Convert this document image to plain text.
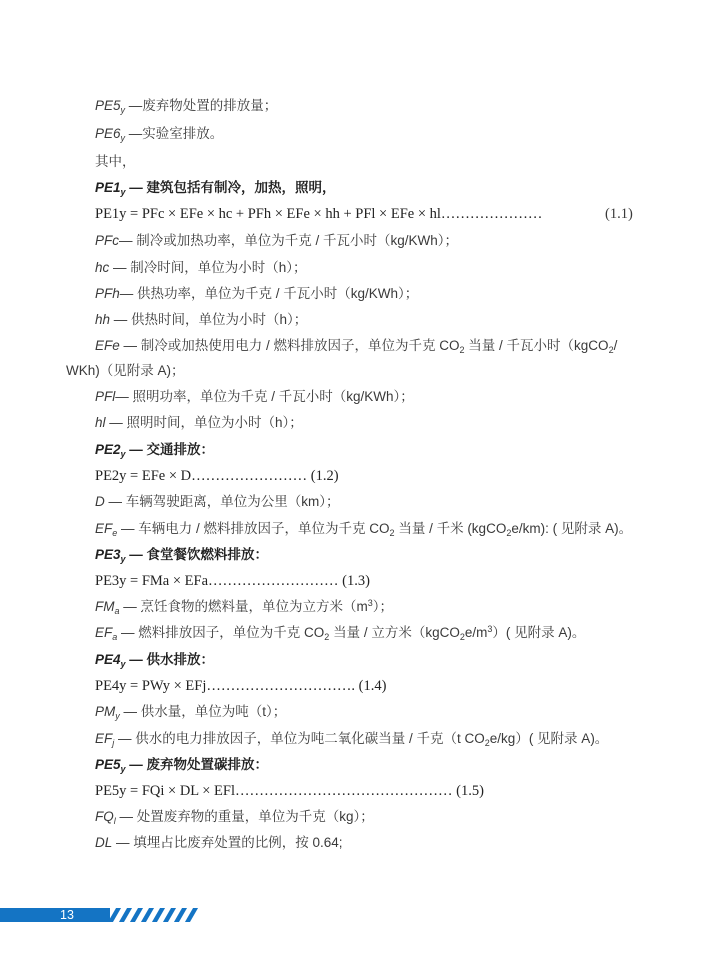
$PE5_y$ —废弃物处置的排放量；
$PE6_y$ —实验室排放。
其中，
$PE1_y$ — 建筑包括有制冷，加热，照明，
PE1y = PFc × EFe × hc + PFh × EFe × hh + PFl × EFe × hl…………………	(1.1)
PFc— 制冷或加热功率，单位为千克 / 千瓦小时（kg/KWh）；
hc — 制冷时间，单位为小时（h）；
PFh— 供热功率，单位为千克 / 千瓦小时（kg/KWh）；
hh — 供热时间，单位为小时（h）；
EFe — 制冷或加热使用电力 / 燃料排放因子，单位为千克 $CO_2$ 当量 / 千瓦小时（kgCO$_2$/
WKh)（见附录 A)；
PFl— 照明功率，单位为千克 / 千瓦小时（kg/KWh）；
hl — 照明时间，单位为小时（h）；
$PE2_y$ — 交通排放：
PE2y = EFe × D…………………… (1.2)
D — 车辆驾驶距离，单位为公里（km）；
$EF_e$ — 车辆电力 / 燃料排放因子，单位为千克 $CO_2$ 当量 / 千米 (kgCO$_2$e/km): ( 见附录 A)。
$PE3_y$ — 食堂餐饮燃料排放：
PE3y = FMa × EFa……………………… (1.3)
$FM_a$ — 烹饪食物的燃料量，单位为立方米$(m^3)$；
$EF_a$ — 燃料排放因子，单位为千克 $CO_2$ 当量 / 立方米$(kgCO_2e/m^3)$( 见附录 A)。
$PE4_y$ — 供水排放：
PE4y = PWy × EFj…………………………. (1.4)
$PM_y$ — 供水量，单位为吨（t）；
$EF_j$ — 供水的电力排放因子，单位为吨二氧化碳当量 / 千克（t $CO_2e/kg$）( 见附录 A)。
$PE5_y$ — 废弃物处置碳排放：
PE5y = FQi × DL × EFl……………………………………… (1.5)
$FQ_l$ — 处置废弃物的重量，单位为千克（kg）；
DL — 填埋占比废弃处置的比例，按 0.64;
13
